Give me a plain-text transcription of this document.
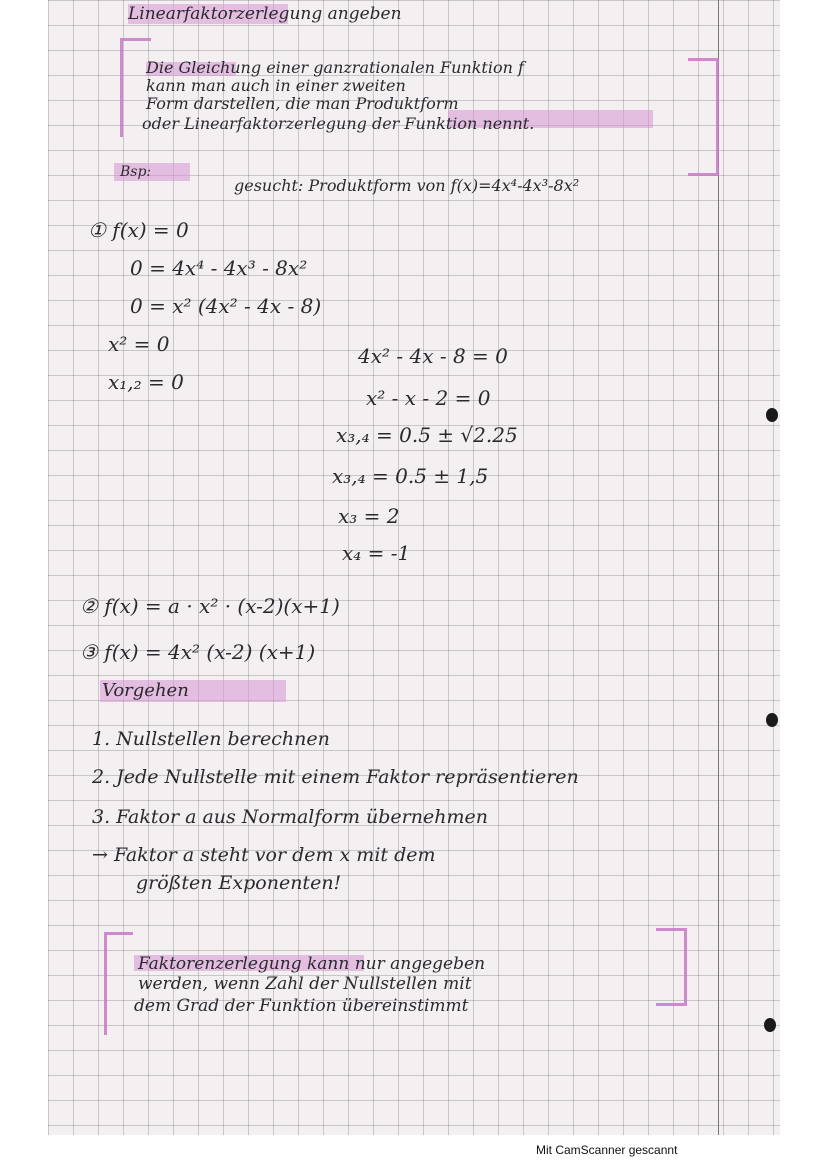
Linearfaktorzerlegung angeben
Die Gleichung einer ganzrationalen Funktion f
kann man auch in einer zweiten
Form darstellen, die man Produktform
oder Linearfaktorzerlegung der Funktion nennt.
Bsp:
gesucht: Produktform von f(x)=4x⁴-4x³-8x²
① f(x) = 0
0 = 4x⁴ - 4x³ - 8x²
0 = x² (4x² - 4x - 8)
x² = 0
x₁,₂ = 0
4x² - 4x - 8 = 0
x² - x - 2 = 0
x₃,₄ = 0.5 ± √2.25
x₃,₄ = 0.5 ± 1,5
x₃ = 2
x₄ = -1
② f(x) = a · x² · (x-2)(x+1)
③ f(x) = 4x² (x-2) (x+1)
Vorgehen
1. Nullstellen berechnen
2. Jede Nullstelle mit einem Faktor repräsentieren
3. Faktor a aus Normalform übernehmen
→ Faktor a steht vor dem x mit dem
größten Exponenten!
Faktorenzerlegung kann nur angegeben
werden, wenn Zahl der Nullstellen mit
dem Grad der Funktion übereinstimmt
Mit CamScanner gescannt
